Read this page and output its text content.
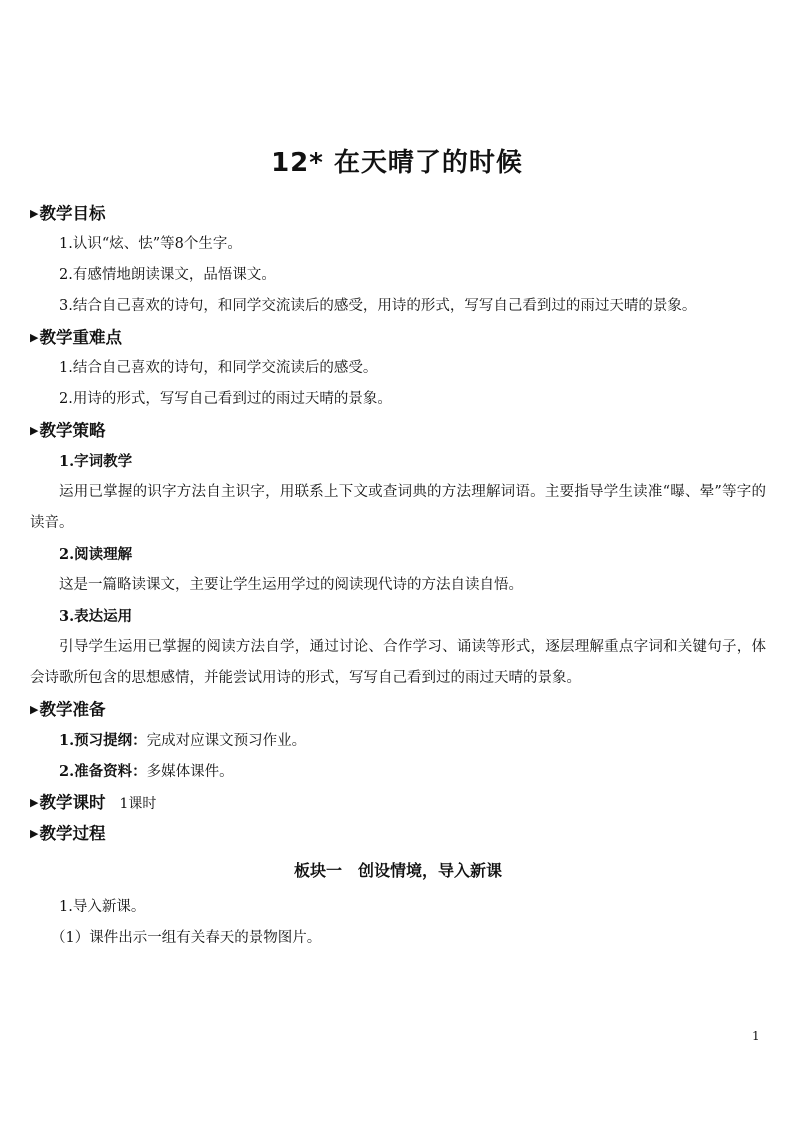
12* 在天晴了的时候
▶教学目标
1.认识“炫、怯”等8个生字。
2.有感情地朗读课文，品悟课文。
3.结合自己喜欢的诗句，和同学交流读后的感受，用诗的形式，写写自己看到过的雨过天晴的景象。
▶教学重难点
1.结合自己喜欢的诗句，和同学交流读后的感受。
2.用诗的形式，写写自己看到过的雨过天晴的景象。
▶教学策略
1.字词教学
运用已掌握的识字方法自主识字，用联系上下文或查词典的方法理解词语。主要指导学生读准“曝、晕”等字的读音。
2.阅读理解
这是一篇略读课文，主要让学生运用学过的阅读现代诗的方法自读自悟。
3.表达运用
引导学生运用已掌握的阅读方法自学，通过讨论、合作学习、诵读等形式，逐层理解重点字词和关键句子，体会诗歌所包含的思想感情，并能尝试用诗的形式，写写自己看到过的雨过天晴的景象。
▶教学准备
1.预习提纲：完成对应课文预习作业。
2.准备资料：多媒体课件。
▶教学课时 1课时
▶教学过程
板块一　创设情境，导入新课
1.导入新课。
（1）课件出示一组有关春天的景物图片。
1
